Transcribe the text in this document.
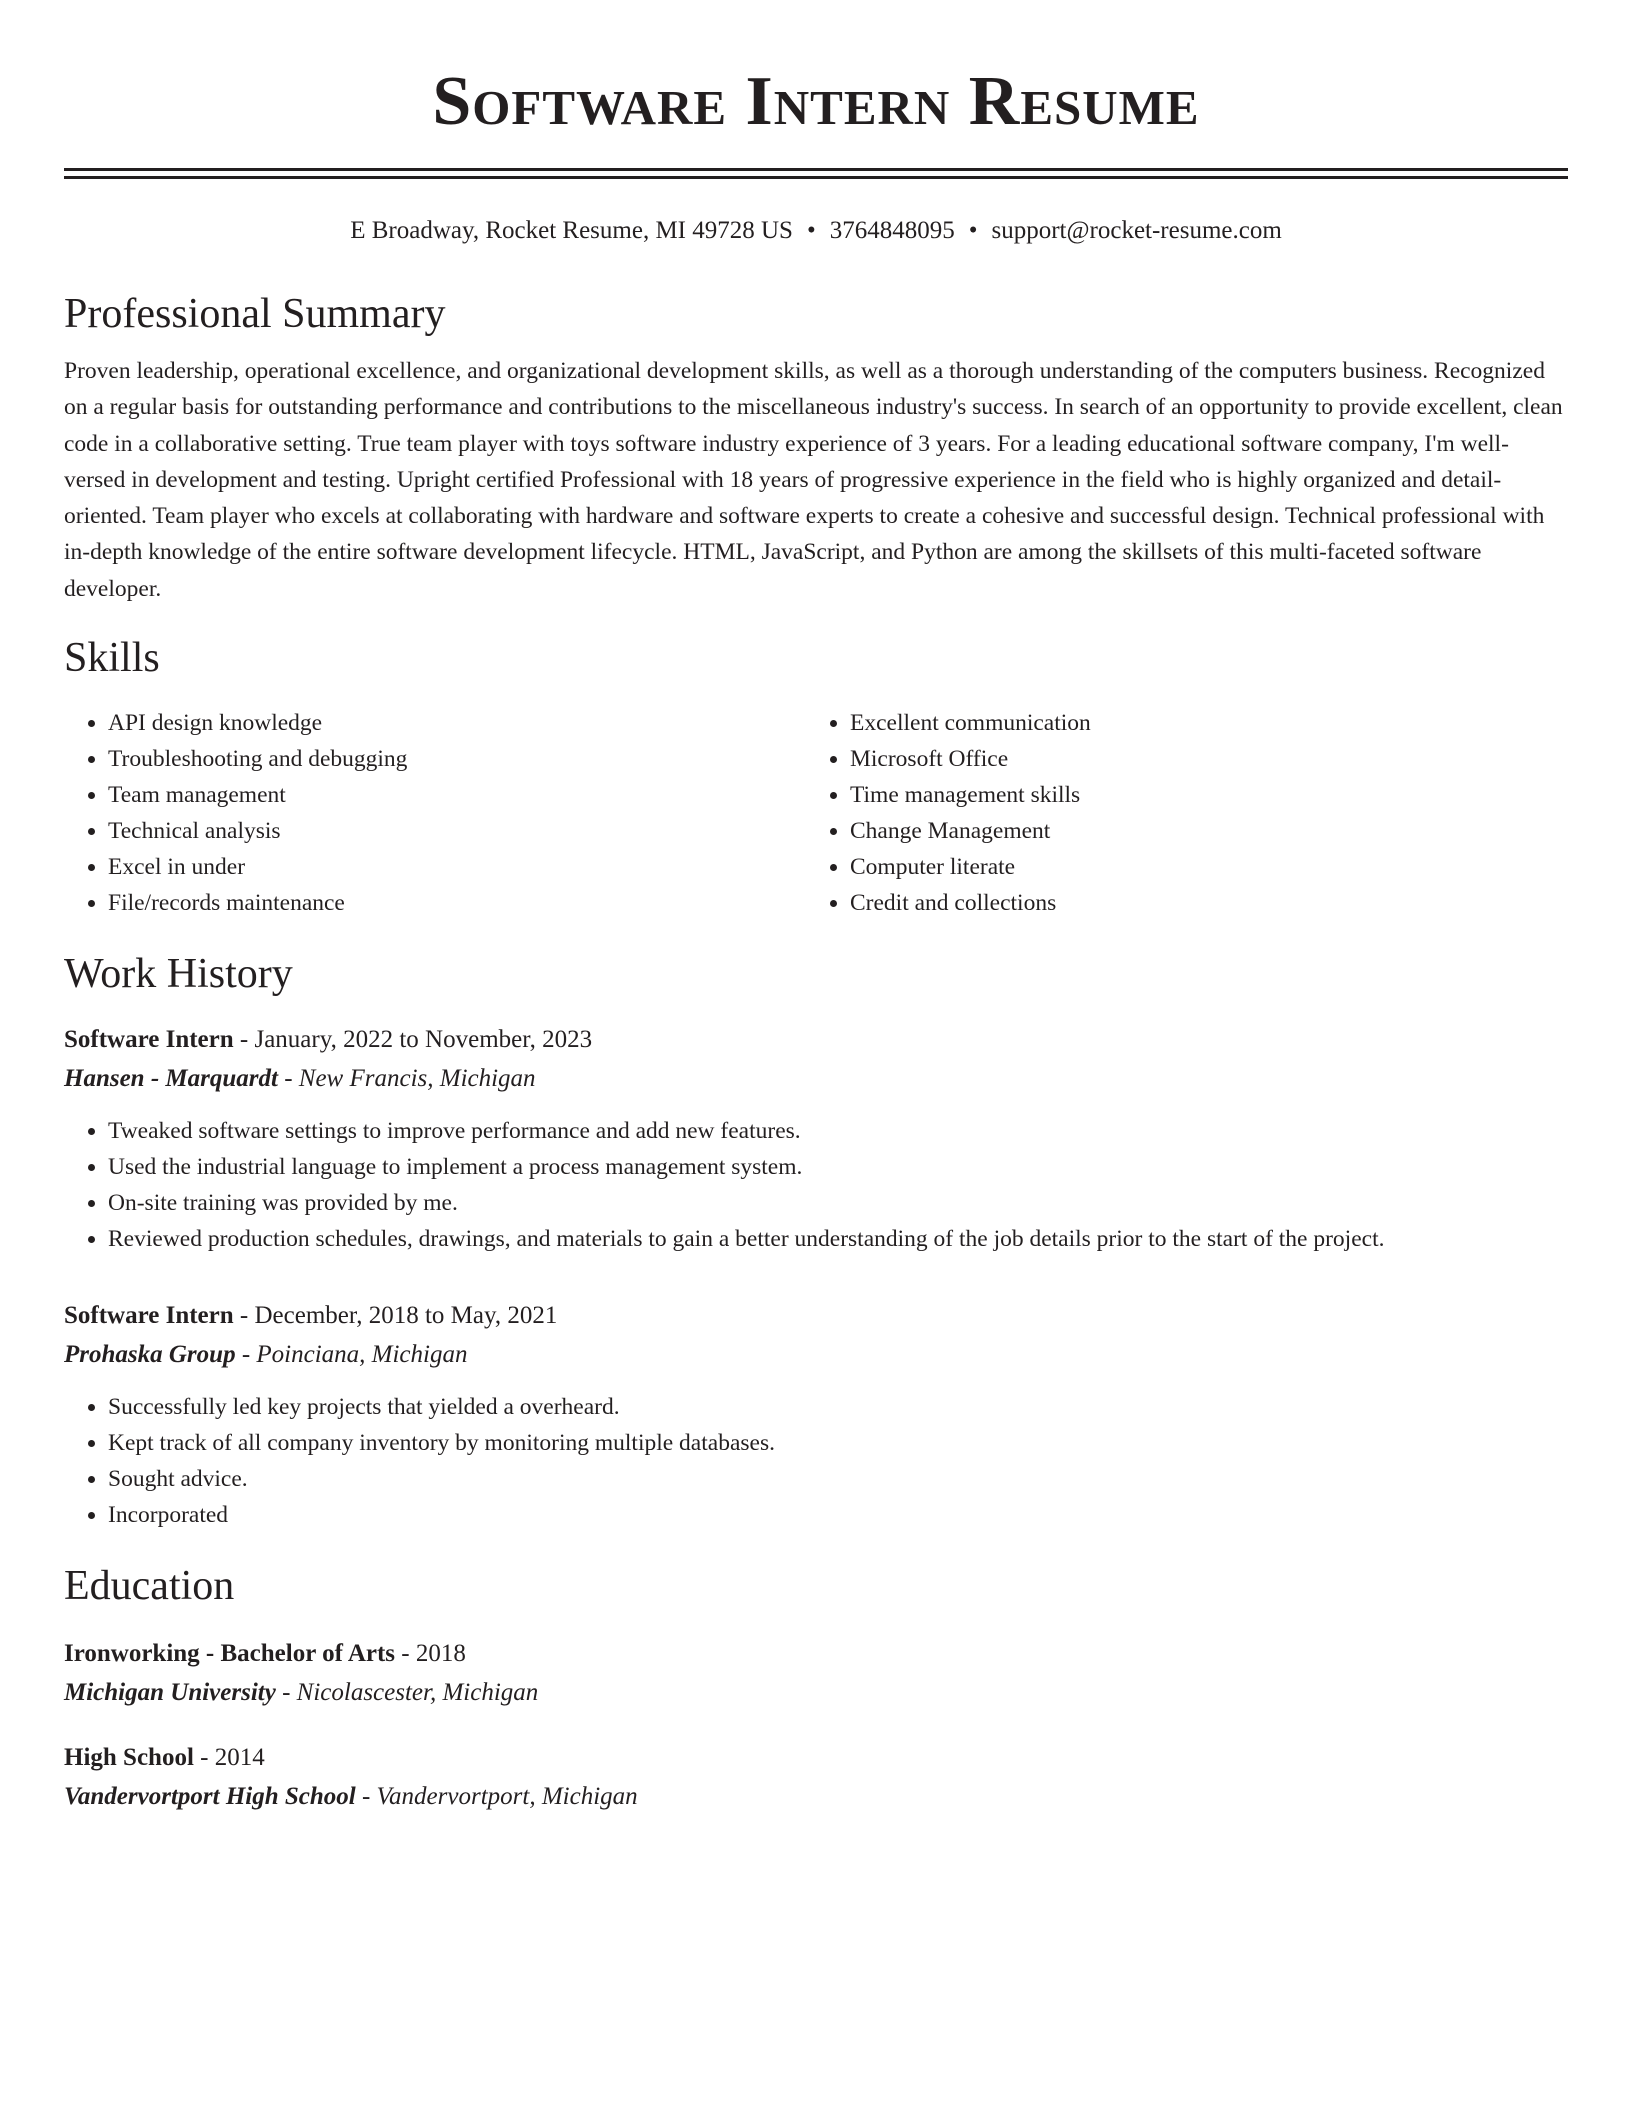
Software Intern Resume
E Broadway, Rocket Resume, MI 49728 US • 3764848095 • support@rocket-resume.com
Professional Summary
Proven leadership, operational excellence, and organizational development skills, as well as a thorough understanding of the computers business. Recognized on a regular basis for outstanding performance and contributions to the miscellaneous industry's success. In search of an opportunity to provide excellent, clean code in a collaborative setting. True team player with toys software industry experience of 3 years. For a leading educational software company, I'm well-versed in development and testing. Upright certified Professional with 18 years of progressive experience in the field who is highly organized and detail-oriented. Team player who excels at collaborating with hardware and software experts to create a cohesive and successful design. Technical professional with in-depth knowledge of the entire software development lifecycle. HTML, JavaScript, and Python are among the skillsets of this multi-faceted software developer.
Skills
• API design knowledge
• Troubleshooting and debugging
• Team management
• Technical analysis
• Excel in under
• File/records maintenance
• Excellent communication
• Microsoft Office
• Time management skills
• Change Management
• Computer literate
• Credit and collections
Work History
Software Intern - January, 2022 to November, 2023
Hansen - Marquardt - New Francis, Michigan
• Tweaked software settings to improve performance and add new features.
• Used the industrial language to implement a process management system.
• On-site training was provided by me.
• Reviewed production schedules, drawings, and materials to gain a better understanding of the job details prior to the start of the project.
Software Intern - December, 2018 to May, 2021
Prohaska Group - Poinciana, Michigan
• Successfully led key projects that yielded a overheard.
• Kept track of all company inventory by monitoring multiple databases.
• Sought advice.
• Incorporated
Education
Ironworking - Bachelor of Arts - 2018
Michigan University - Nicolascester, Michigan
High School - 2014
Vandervortport High School - Vandervortport, Michigan
